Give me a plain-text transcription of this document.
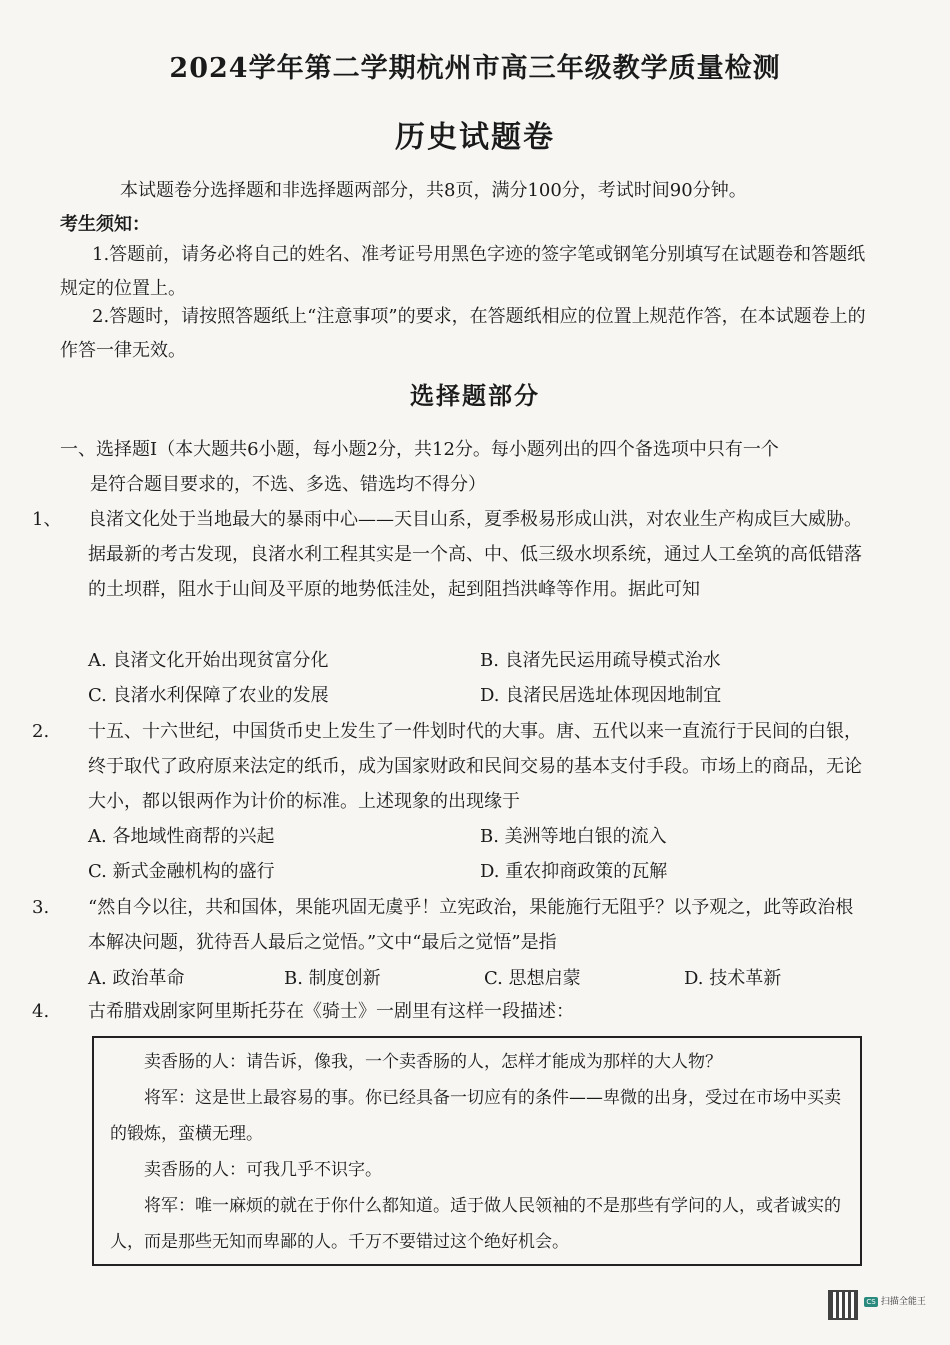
2024学年第二学期杭州市高三年级教学质量检测
历史试题卷
本试题卷分选择题和非选择题两部分，共8页，满分100分，考试时间90分钟。
考生须知：
1.答题前，请务必将自己的姓名、准考证号用黑色字迹的签字笔或钢笔分别填写在试题卷和答题纸规定的位置上。
2.答题时，请按照答题纸上“注意事项”的要求，在答题纸相应的位置上规范作答，在本试题卷上的作答一律无效。
选择题部分
一、选择题Ⅰ（本大题共6小题，每小题2分，共12分。每小题列出的四个备选项中只有一个
是符合题目要求的，不选、多选、错选均不得分）
1、 良渚文化处于当地最大的暴雨中心——天目山系，夏季极易形成山洪，对农业生产构成巨大威胁。据最新的考古发现，良渚水利工程其实是一个高、中、低三级水坝系统，通过人工垒筑的高低错落的土坝群，阻水于山间及平原的地势低洼处，起到阻挡洪峰等作用。据此可知
A. 良渚文化开始出现贫富分化	B. 良渚先民运用疏导模式治水
C. 良渚水利保障了农业的发展	D. 良渚民居选址体现因地制宜
2. 十五、十六世纪，中国货币史上发生了一件划时代的大事。唐、五代以来一直流行于民间的白银，终于取代了政府原来法定的纸币，成为国家财政和民间交易的基本支付手段。市场上的商品，无论大小，都以银两作为计价的标准。上述现象的出现缘于
A. 各地域性商帮的兴起	B. 美洲等地白银的流入
C. 新式金融机构的盛行	D. 重农抑商政策的瓦解
3. “然自今以往，共和国体，果能巩固无虞乎！立宪政治，果能施行无阻乎？以予观之，此等政治根本解决问题，犹待吾人最后之觉悟。”文中“最后之觉悟”是指
A. 政治革命	B. 制度创新	C. 思想启蒙	D. 技术革新
4. 古希腊戏剧家阿里斯托芬在《骑士》一剧里有这样一段描述：

卖香肠的人：请告诉，像我，一个卖香肠的人，怎样才能成为那样的大人物？

将军：这是世上最容易的事。你已经具备一切应有的条件——卑微的出身，受过在市场中买卖的锻炼，蛮横无理。

卖香肠的人：可我几乎不识字。

将军：唯一麻烦的就在于你什么都知道。适于做人民领袖的不是那些有学问的人，或者诚实的人，而是那些无知而卑鄙的人。千万不要错过这个绝好机会。

CS 扫描全能王
